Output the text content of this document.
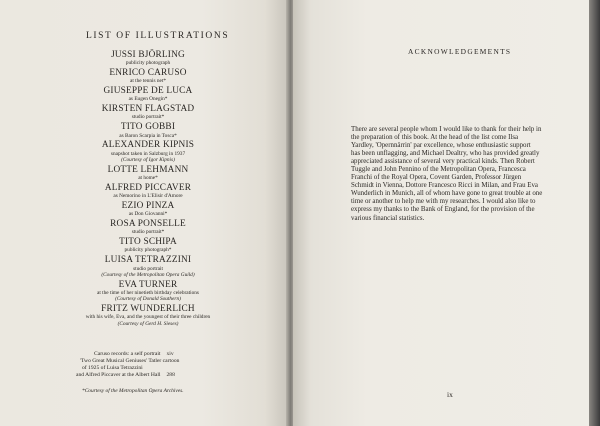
LIST OF ILLUSTRATIONS
JUSSI BJÖRLING
publicity photograph
ENRICO CARUSO
at the tennis net*
GIUSEPPE DE LUCA
as Eugen Onegin*
KIRSTEN FLAGSTAD
studio portrait*
TITO GOBBI
as Baron Scarpia in Tosca*
ALEXANDER KIPNIS
snapshot taken in Salzburg in 1937
(Courtesy of Igor Kipnis)
LOTTE LEHMANN
at home*
ALFRED PICCAVER
as Nemorino in L'Elisir d'Amore
EZIO PINZA
as Don Giovanni*
ROSA PONSELLE
studio portrait*
TITO SCHIPA
publicity photograph*
LUISA TETRAZZINI
studio portrait
(Courtesy of the Metropolitan Opera Guild)
EVA TURNER
at the time of her ninetieth birthday celebrations
(Courtesy of Donald Southern)
FRITZ WUNDERLICH
with his wife, Eva, and the youngest of their three children
(Courtesy of Gerd H. Sieses)
Caruso records: a self portrait xiv
'Two Great Musical Geniuses' Tatler cartoon
of 1925 of Luisa Tetrazzini
and Alfred Piccaver at the Albert Hall 288
*Courtesy of the Metropolitan Opera Archives.
ACKNOWLEDGEMENTS
There are several people whom I would like to thank for their help in
the preparation of this book. At the head of the list come Ilsa
Yardley, 'Opernnärrin' par excellence, whose enthusiastic support
has been unflagging, and Michael Dealtry, who has provided greatly
appreciated assistance of several very practical kinds. Then Robert
Tuggle and John Pennino of the Metropolitan Opera, Francesca
Franchi of the Royal Opera, Covent Garden, Professor Jürgen
Schmidt in Vienna, Dottore Francesco Ricci in Milan, and Frau Eva
Wunderlich in Munich, all of whom have gone to great trouble at one
time or another to help me with my researches. I would also like to
express my thanks to the Bank of England, for the provision of the
various financial statistics.
ix
